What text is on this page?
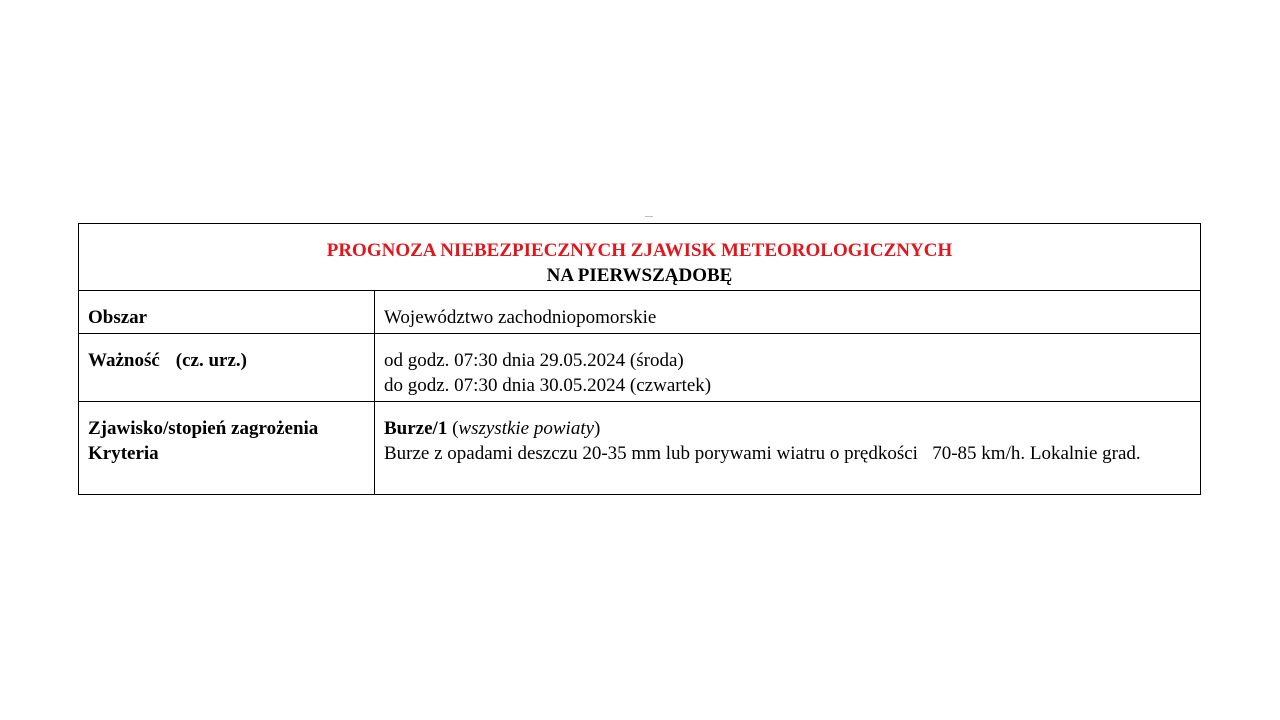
PROGNOZA NIEBEZPIECZNYCH ZJAWISK METEOROLOGICZNYCH
NA PIERWSZĄDOBĘ	

Obszar	Województwo zachodniopomorskie

Ważność (cz. urz.)	od godz. 07:30 dnia 29.05.2024 (środa)
do godz. 07:30 dnia 30.05.2024 (czwartek)

Zjawisko/stopień zagrożenia
Kryteria	Burze/1 (wszystkie powiaty)
Burze z opadami deszczu 20-35 mm lub porywami wiatru o prędkości   70-85 km/h. Lokalnie grad.
